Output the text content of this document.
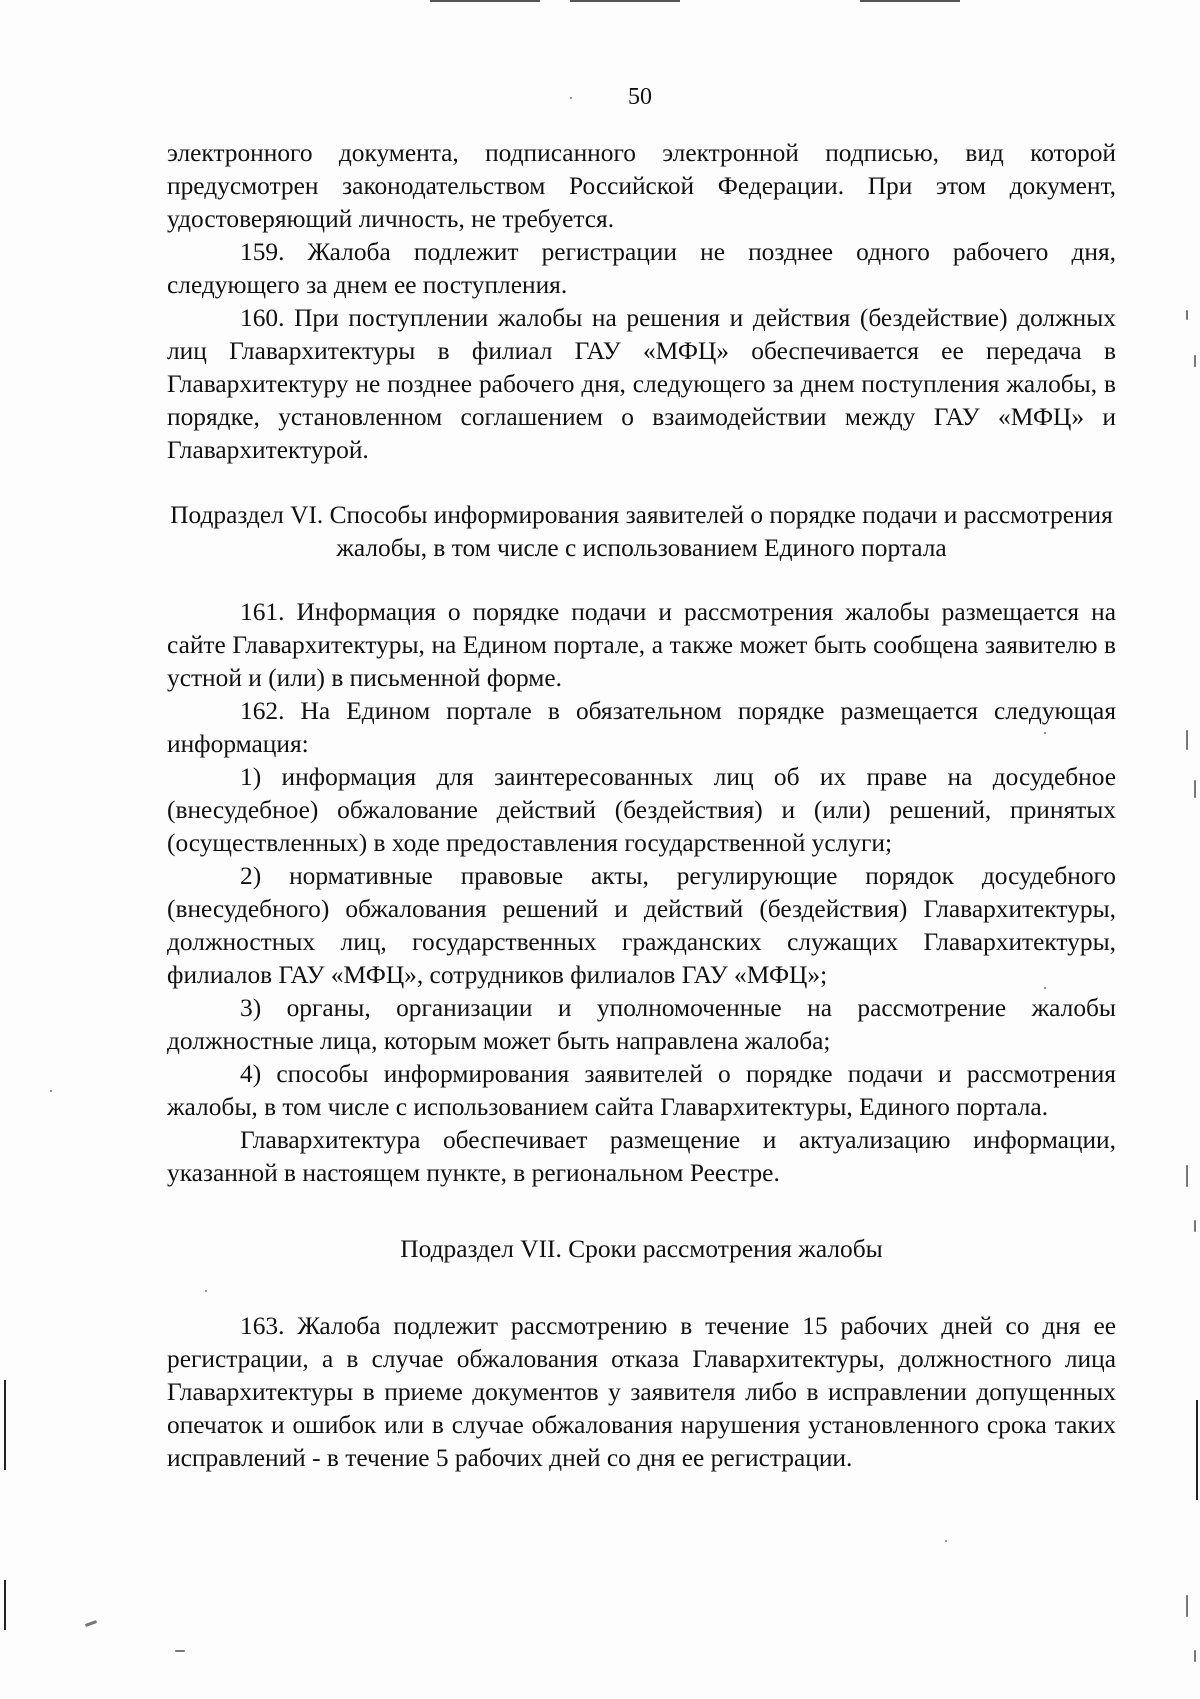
50

электронного документа, подписанного электронной подписью, вид которой предусмотрен законодательством Российской Федерации. При этом документ, удостоверяющий личность, не требуется.

159. Жалоба подлежит регистрации не позднее одного рабочего дня, следующего за днем ее поступления.

160. При поступлении жалобы на решения и действия (бездействие) должных лиц Главархитектуры в филиал ГАУ «МФЦ» обеспечивается ее передача в Главархитектуру не позднее рабочего дня, следующего за днем поступления жалобы, в порядке, установленном соглашением о взаимодействии между ГАУ «МФЦ» и Главархитектурой.

Подраздел VI. Способы информирования заявителей о порядке подачи и рассмотрения жалобы, в том числе с использованием Единого портала

161. Информация о порядке подачи и рассмотрения жалобы размещается на сайте Главархитектуры, на Едином портале, а также может быть сообщена заявителю в устной и (или) в письменной форме.

162. На Едином портале в обязательном порядке размещается следующая информация:

1) информация для заинтересованных лиц об их праве на досудебное (внесудебное) обжалование действий (бездействия) и (или) решений, принятых (осуществленных) в ходе предоставления государственной услуги;

2) нормативные правовые акты, регулирующие порядок досудебного (внесудебного) обжалования решений и действий (бездействия) Главархитектуры, должностных лиц, государственных гражданских служащих Главархитектуры, филиалов ГАУ «МФЦ», сотрудников филиалов ГАУ «МФЦ»;

3) органы, организации и уполномоченные на рассмотрение жалобы должностные лица, которым может быть направлена жалоба;

4) способы информирования заявителей о порядке подачи и рассмотрения жалобы, в том числе с использованием сайта Главархитектуры, Единого портала.

Главархитектура обеспечивает размещение и актуализацию информации, указанной в настоящем пункте, в региональном Реестре.

Подраздел VII. Сроки рассмотрения жалобы

163. Жалоба подлежит рассмотрению в течение 15 рабочих дней со дня ее регистрации, а в случае обжалования отказа Главархитектуры, должностного лица Главархитектуры в приеме документов у заявителя либо в исправлении допущенных опечаток и ошибок или в случае обжалования нарушения установленного срока таких исправлений - в течение 5 рабочих дней со дня ее регистрации.
